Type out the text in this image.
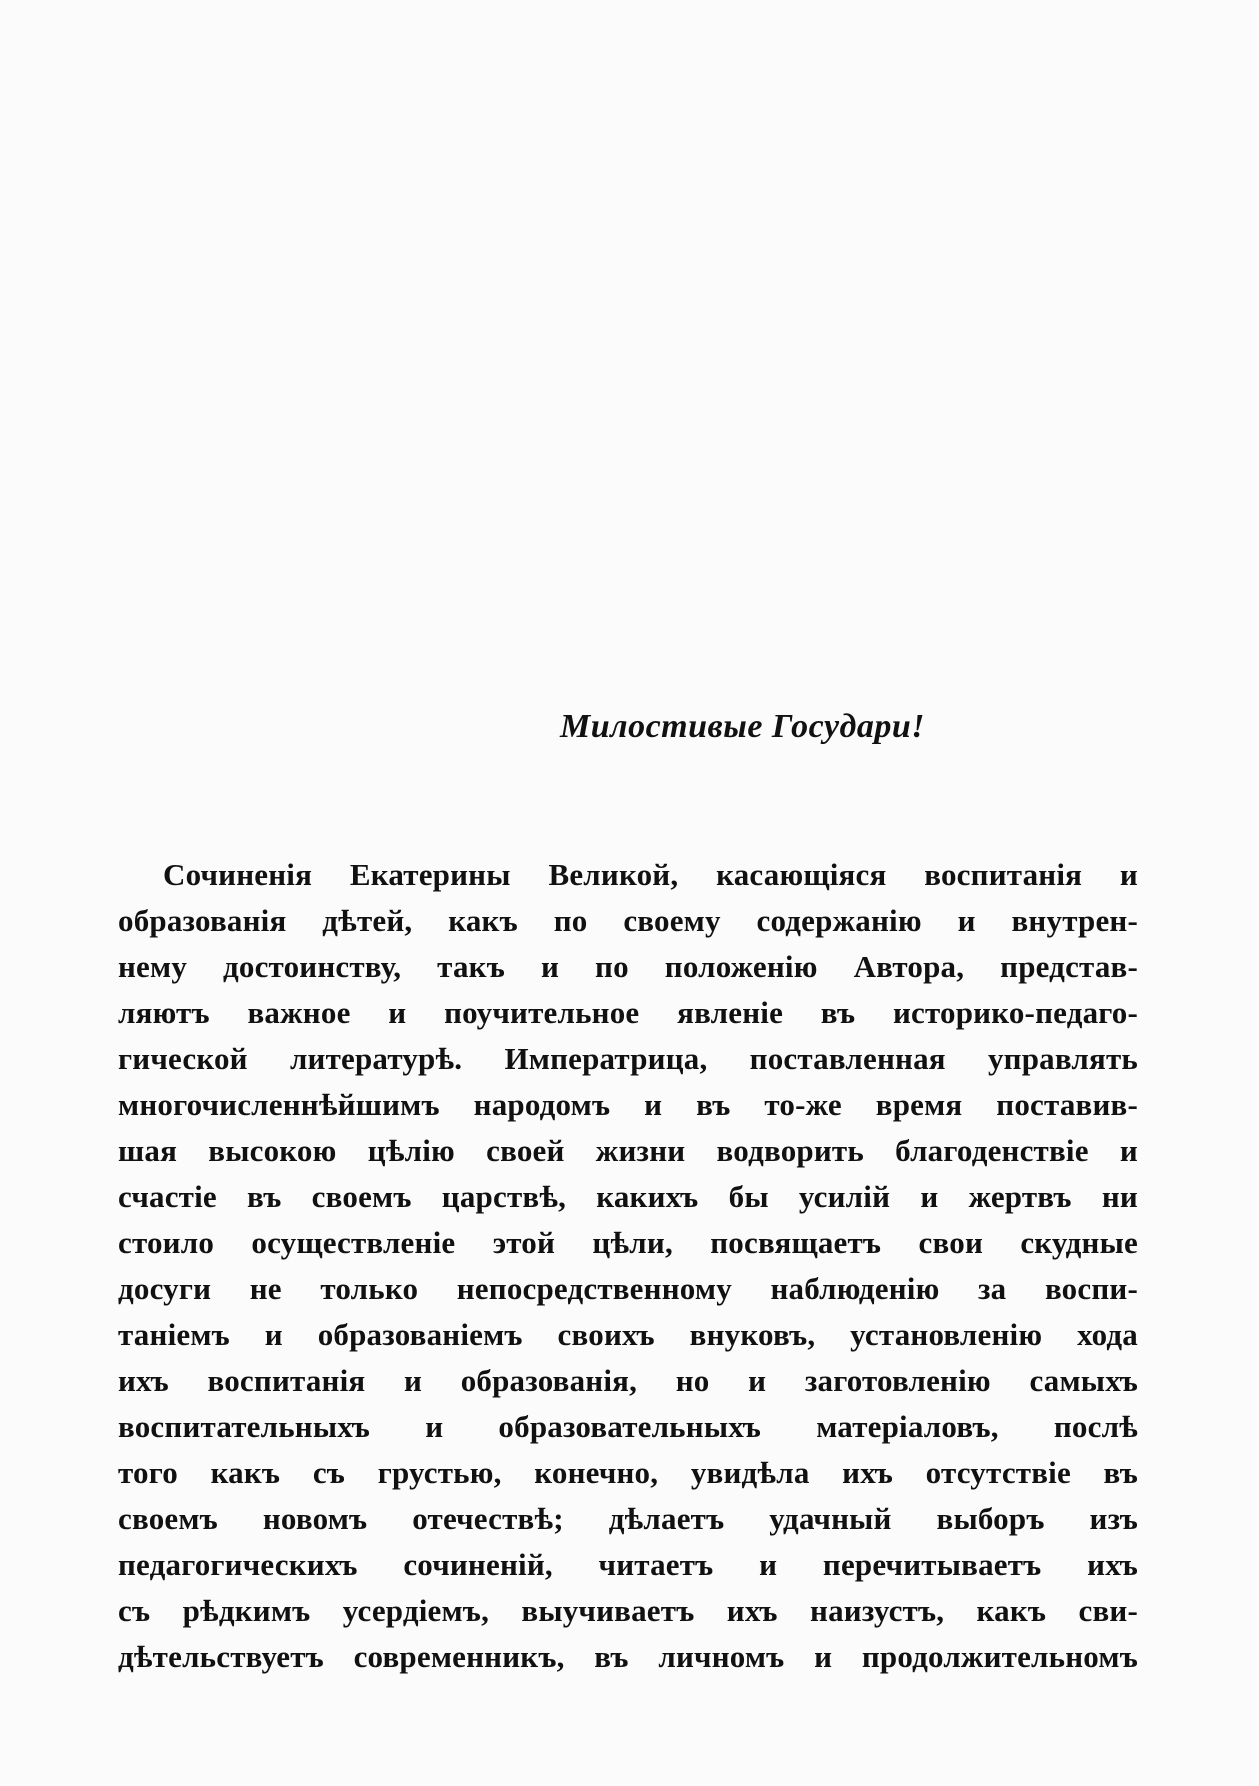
Милостивые Государи!
Сочиненія Екатерины Великой, касающіяся воспитанія и
образованія дѣтей, какъ по своему содержанію и внутрен-
нему достоинству, такъ и по положенію Автора, представ-
ляютъ важное и поучительное явленіе въ историко-педаго-
гической литературѣ. Императрица, поставленная управлять
многочисленнѣйшимъ народомъ и въ то-же время поставив-
шая высокою цѣлію своей жизни водворить благоденствіе и
счастіе въ своемъ царствѣ, какихъ бы усилій и жертвъ ни
стоило осуществленіе этой цѣли, посвящаетъ свои скудные
досуги не только непосредственному наблюденію за воспи-
таніемъ и образованіемъ своихъ внуковъ, установленію хода
ихъ воспитанія и образованія, но и заготовленію самыхъ
воспитательныхъ и образовательныхъ матеріаловъ, послѣ
того какъ съ грустью, конечно, увидѣла ихъ отсутствіе въ
своемъ новомъ отечествѣ; дѣлаетъ удачный выборъ изъ
педагогическихъ сочиненій, читаетъ и перечитываетъ ихъ
съ рѣдкимъ усердіемъ, выучиваетъ ихъ наизустъ, какъ сви-
дѣтельствуетъ современникъ, въ личномъ и продолжительномъ
